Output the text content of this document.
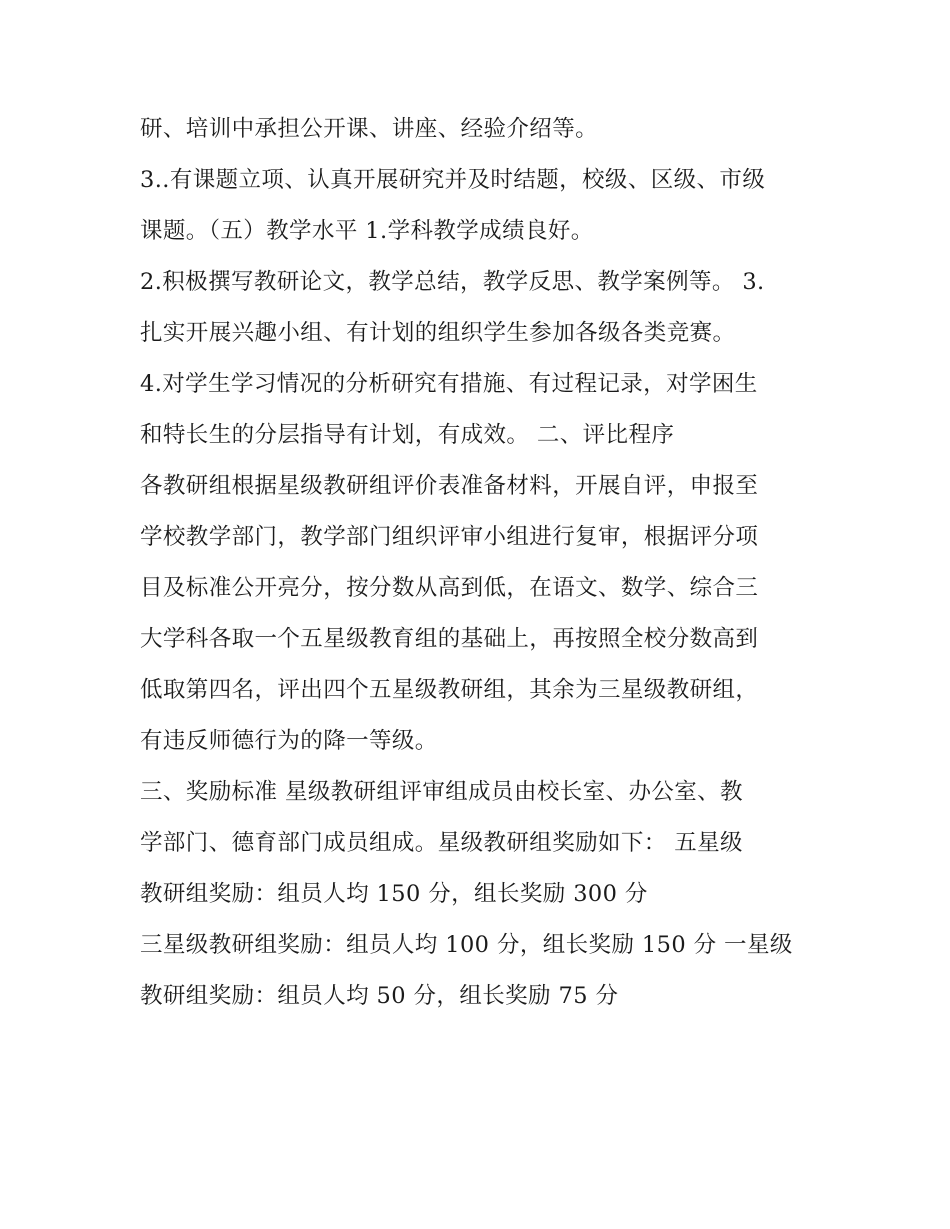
研、培训中承担公开课、讲座、经验介绍等。
3..有课题立项、认真开展研究并及时结题，校级、区级、市级
课题。（五）教学水平 1.学科教学成绩良好。
2.积极撰写教研论文，教学总结，教学反思、教学案例等。 3.
扎实开展兴趣小组、有计划的组织学生参加各级各类竞赛。
4.对学生学习情况的分析研究有措施、有过程记录，对学困生
和特长生的分层指导有计划，有成效。 二、评比程序
各教研组根据星级教研组评价表准备材料，开展自评，申报至
学校教学部门，教学部门组织评审小组进行复审，根据评分项
目及标准公开亮分，按分数从高到低，在语文、数学、综合三
大学科各取一个五星级教育组的基础上，再按照全校分数高到
低取第四名，评出四个五星级教研组，其余为三星级教研组，
有违反师德行为的降一等级。
三、奖励标准 星级教研组评审组成员由校长室、办公室、教
学部门、德育部门成员组成。星级教研组奖励如下： 五星级
教研组奖励：组员人均 150 分，组长奖励 300 分
三星级教研组奖励：组员人均 100 分，组长奖励 150 分 一星级
教研组奖励：组员人均 50 分，组长奖励 75 分
